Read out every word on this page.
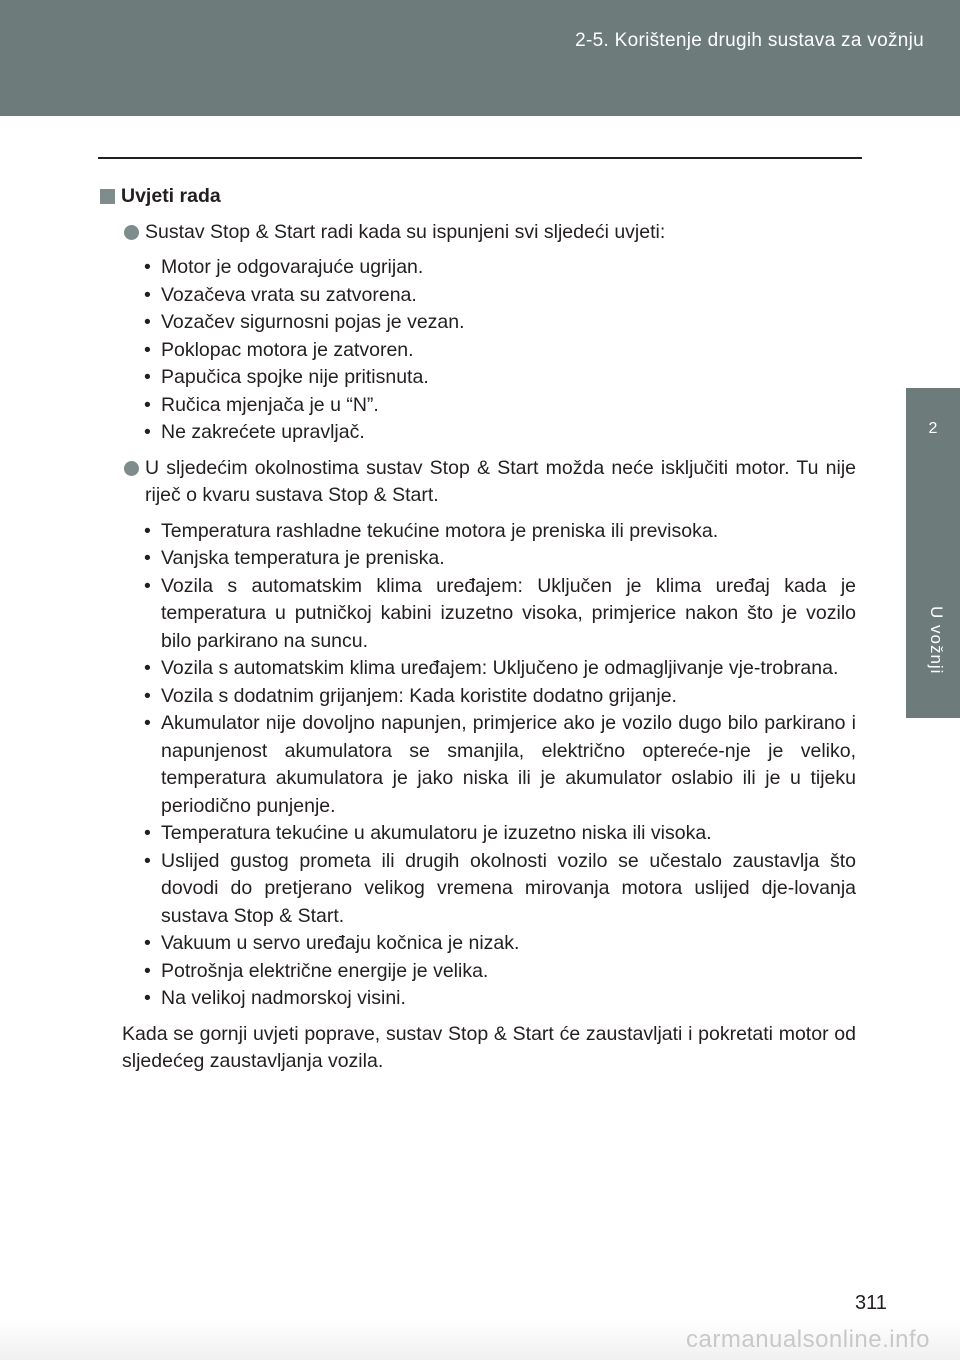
2-5. Korištenje drugih sustava za vožnju
2
U vožnji
Uvjeti rada

Sustav Stop & Start radi kada su ispunjeni svi sljedeći uvjeti:

• Motor je odgovarajuće ugrijan.
• Vozačeva vrata su zatvorena.
• Vozačev sigurnosni pojas je vezan.
• Poklopac motora je zatvoren.
• Papučica spojke nije pritisnuta.
• Ručica mjenjača je u “N”.
• Ne zakrećete upravljač.

U sljedećim okolnostima sustav Stop & Start možda neće isključiti motor. Tu nije riječ o kvaru sustava Stop & Start.

• Temperatura rashladne tekućine motora je preniska ili previsoka.
• Vanjska temperatura je preniska.
• Vozila s automatskim klima uređajem: Uključen je klima uređaj kada je temperatura u putničkoj kabini izuzetno visoka, primjerice nakon što je vozilo bilo parkirano na suncu.
• Vozila s automatskim klima uređajem: Uključeno je odmagljivanje vje-trobrana.
• Vozila s dodatnim grijanjem: Kada koristite dodatno grijanje.
• Akumulator nije dovoljno napunjen, primjerice ako je vozilo dugo bilo parkirano i napunjenost akumulatora se smanjila, električno optereće-nje je veliko, temperatura akumulatora je jako niska ili je akumulator oslabio ili je u tijeku periodično punjenje.
• Temperatura tekućine u akumulatoru je izuzetno niska ili visoka.
• Uslijed gustog prometa ili drugih okolnosti vozilo se učestalo zaustavlja što dovodi do pretjerano velikog vremena mirovanja motora uslijed dje-lovanja sustava Stop & Start.
• Vakuum u servo uređaju kočnica je nizak.
• Potrošnja električne energije je velika.
• Na velikoj nadmorskoj visini.

Kada se gornji uvjeti poprave, sustav Stop & Start će zaustavljati i pokretati motor od sljedećeg zaustavljanja vozila.

311
carmanualsonline.info
